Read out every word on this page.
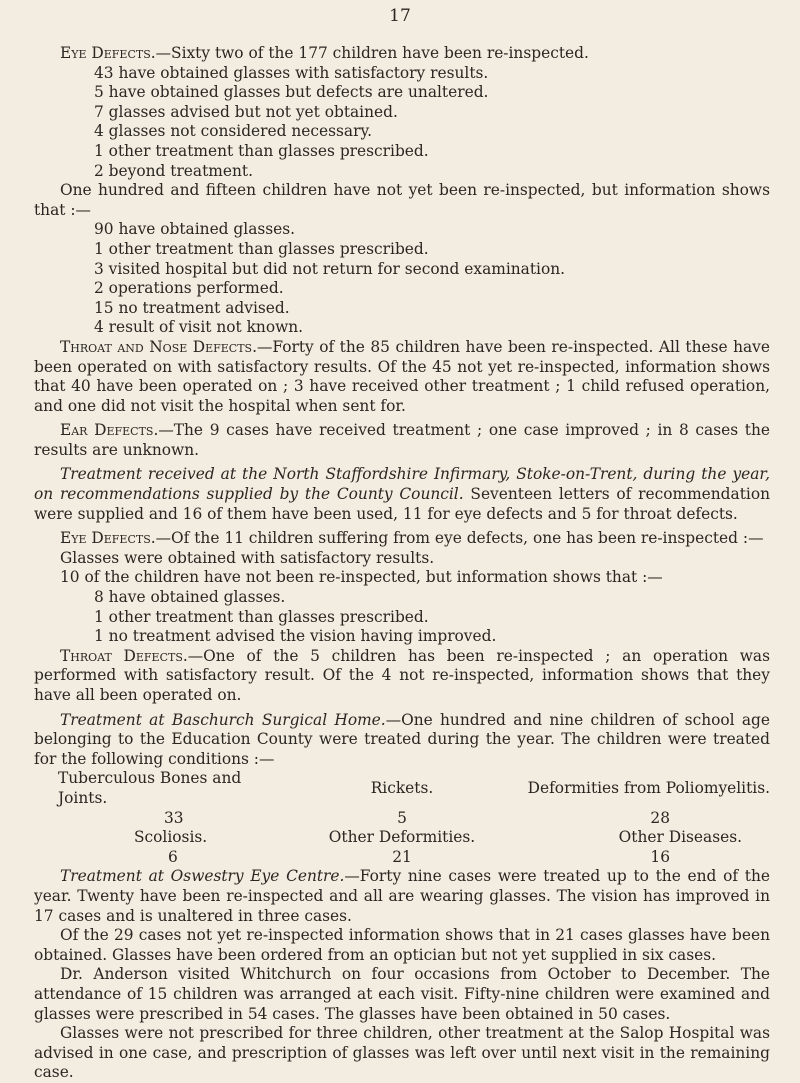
17

Eye Defects.—Sixty two of the 177 children have been re-inspected.

43 have obtained glasses with satisfactory results.

5 have obtained glasses but defects are unaltered.

7 glasses advised but not yet obtained.

4 glasses not considered necessary.

1 other treatment than glasses prescribed.

2 beyond treatment.

One hundred and fifteen children have not yet been re-inspected, but information shows that :—

90 have obtained glasses.

1 other treatment than glasses prescribed.

3 visited hospital but did not return for second examination.

2 operations performed.

15 no treatment advised.

4 result of visit not known.

Throat and Nose Defects.—Forty of the 85 children have been re-inspected. All these have been operated on with satisfactory results. Of the 45 not yet re-inspected, information shows that 40 have been operated on ; 3 have received other treatment ; 1 child refused operation, and one did not visit the hospital when sent for.

Ear Defects.—The 9 cases have received treatment ; one case improved ; in 8 cases the results are unknown.

Treatment received at the North Staffordshire Infirmary, Stoke-on-Trent, during the year, on recommendations supplied by the County Council. Seventeen letters of recommendation were supplied and 16 of them have been used, 11 for eye defects and 5 for throat defects.

Eye Defects.—Of the 11 children suffering from eye defects, one has been re-inspected :—

Glasses were obtained with satisfactory results.

10 of the children have not been re-inspected, but information shows that :—

8 have obtained glasses.

1 other treatment than glasses prescribed.

1 no treatment advised the vision having improved.

Throat Defects.—One of the 5 children has been re-inspected ; an operation was performed with satisfactory result. Of the 4 not re-inspected, information shows that they have all been operated on.

Treatment at Baschurch Surgical Home.—One hundred and nine children of school age belonging to the Education County were treated during the year. The children were treated for the following conditions :—

Tuberculous Bones and Joints.	Rickets.	Deformities from Poliomyelitis.
33	5	28
Scoliosis.	Other Deformities.	Other Diseases.
6	21	16

Treatment at Oswestry Eye Centre.—Forty nine cases were treated up to the end of the year. Twenty have been re-inspected and all are wearing glasses. The vision has improved in 17 cases and is unaltered in three cases.

Of the 29 cases not yet re-inspected information shows that in 21 cases glasses have been obtained. Glasses have been ordered from an optician but not yet supplied in six cases.

Dr. Anderson visited Whitchurch on four occasions from October to December. The attendance of 15 children was arranged at each visit. Fifty-nine children were examined and glasses were prescribed in 54 cases. The glasses have been obtained in 50 cases.

Glasses were not prescribed for three children, other treatment at the Salop Hospital was advised in one case, and prescription of glasses was left over until next visit in the remaining case.
